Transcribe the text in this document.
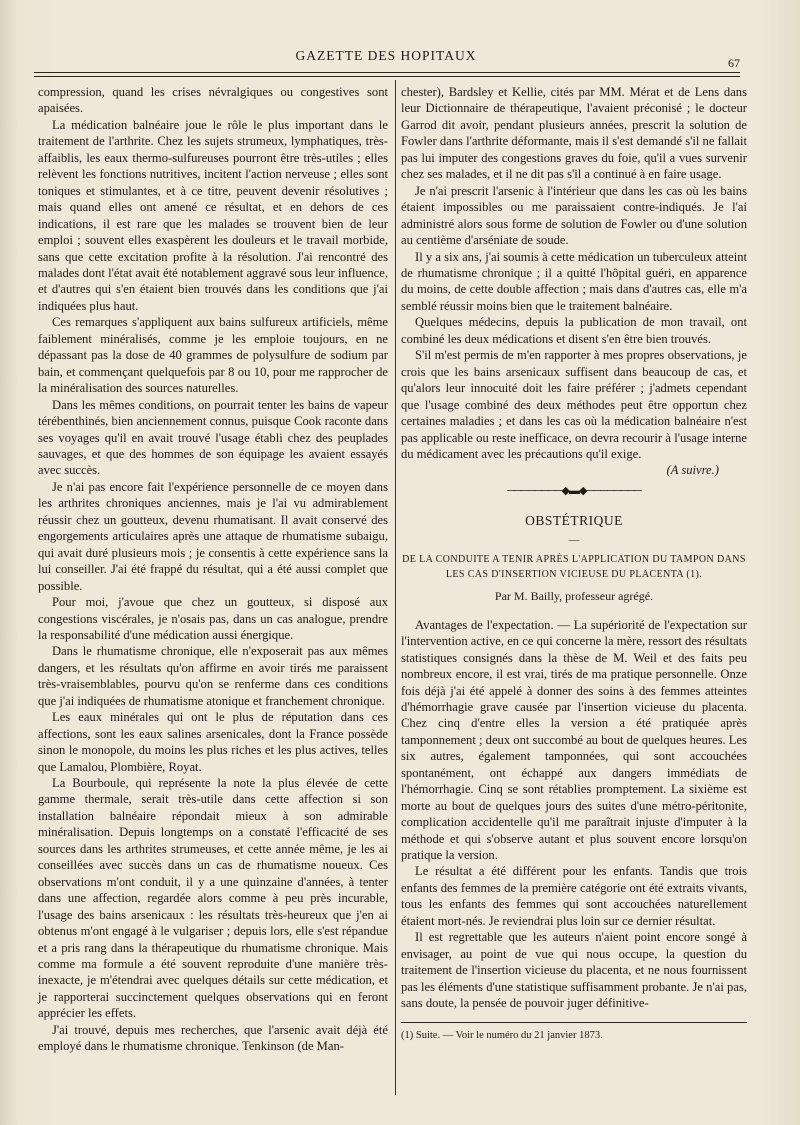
GAZETTE DES HOPITAUX	67

compression, quand les crises névralgiques ou congestives sont apaisées.

La médication balnéaire joue le rôle le plus important dans le traitement de l'arthrite. Chez les sujets strumeux, lymphatiques, très-affaiblis, les eaux thermo-sulfureuses pourront être très-utiles ; elles relèvent les fonctions nutritives, incitent l'action nerveuse ; elles sont toniques et stimulantes, et à ce titre, peuvent devenir résolutives ; mais quand elles ont amené ce résultat, et en dehors de ces indications, il est rare que les malades se trouvent bien de leur emploi ; souvent elles exaspèrent les douleurs et le travail morbide, sans que cette excitation profite à la résolution. J'ai rencontré des malades dont l'état avait été notablement aggravé sous leur influence, et d'autres qui s'en étaient bien trouvés dans les conditions que j'ai indiquées plus haut.

Ces remarques s'appliquent aux bains sulfureux artificiels, même faiblement minéralisés, comme je les emploie toujours, en ne dépassant pas la dose de 40 grammes de polysulfure de sodium par bain, et commençant quelquefois par 8 ou 10, pour me rapprocher de la minéralisation des sources naturelles.

Dans les mêmes conditions, on pourrait tenter les bains de vapeur térébenthinés, bien anciennement connus, puisque Cook raconte dans ses voyages qu'il en avait trouvé l'usage établi chez des peuplades sauvages, et que des hommes de son équipage les avaient essayés avec succès.

Je n'ai pas encore fait l'expérience personnelle de ce moyen dans les arthrites chroniques anciennes, mais je l'ai vu admirablement réussir chez un goutteux, devenu rhumatisant. Il avait conservé des engorgements articulaires après une attaque de rhumatisme subaigu, qui avait duré plusieurs mois ; je consentis à cette expérience sans la lui conseiller. J'ai été frappé du résultat, qui a été aussi complet que possible.

Pour moi, j'avoue que chez un goutteux, si disposé aux congestions viscérales, je n'osais pas, dans un cas analogue, prendre la responsabilité d'une médication aussi énergique.

Dans le rhumatisme chronique, elle n'exposerait pas aux mêmes dangers, et les résultats qu'on affirme en avoir tirés me paraissent très-vraisemblables, pourvu qu'on se renferme dans ces conditions que j'ai indiquées de rhumatisme atonique et franchement chronique.

Les eaux minérales qui ont le plus de réputation dans ces affections, sont les eaux salines arsenicales, dont la France possède sinon le monopole, du moins les plus riches et les plus actives, telles que Lamalou, Plombière, Royat.

La Bourboule, qui représente la note la plus élevée de cette gamme thermale, serait très-utile dans cette affection si son installation balnéaire répondait mieux à son admirable minéralisation. Depuis longtemps on a constaté l'efficacité de ses sources dans les arthrites strumeuses, et cette année même, je les ai conseillées avec succès dans un cas de rhumatisme noueux. Ces observations m'ont conduit, il y a une quinzaine d'années, à tenter dans une affection, regardée alors comme à peu près incurable, l'usage des bains arsenicaux : les résultats très-heureux que j'en ai obtenus m'ont engagé à le vulgariser ; depuis lors, elle s'est répandue et a pris rang dans la thérapeutique du rhumatisme chronique. Mais comme ma formule a été souvent reproduite d'une manière très-inexacte, je m'étendrai avec quelques détails sur cette médication, et je rapporterai succinctement quelques observations qui en feront apprécier les effets.

J'ai trouvé, depuis mes recherches, que l'arsenic avait déjà été employé dans le rhumatisme chronique. Tenkinson (de Man-

chester), Bardsley et Kellie, cités par MM. Mérat et de Lens dans leur Dictionnaire de thérapeutique, l'avaient préconisé ; le docteur Garrod dit avoir, pendant plusieurs années, prescrit la solution de Fowler dans l'arthrite déformante, mais il s'est demandé s'il ne fallait pas lui imputer des congestions graves du foie, qu'il a vues survenir chez ses malades, et il ne dit pas s'il a continué à en faire usage.

Je n'ai prescrit l'arsenic à l'intérieur que dans les cas où les bains étaient impossibles ou me paraissaient contre-indiqués. Je l'ai administré alors sous forme de solution de Fowler ou d'une solution au centième d'arséniate de soude.

Il y a six ans, j'ai soumis à cette médication un tuberculeux atteint de rhumatisme chronique ; il a quitté l'hôpital guéri, en apparence du moins, de cette double affection ; mais dans d'autres cas, elle m'a semblé réussir moins bien que le traitement balnéaire.

Quelques médecins, depuis la publication de mon travail, ont combiné les deux médications et disent s'en être bien trouvés.

S'il m'est permis de m'en rapporter à mes propres observations, je crois que les bains arsenicaux suffisent dans beaucoup de cas, et qu'alors leur innocuité doit les faire préférer ; j'admets cependant que l'usage combiné des deux méthodes peut être opportun chez certaines maladies ; et dans les cas où la médication balnéaire n'est pas applicable ou reste inefficace, on devra recourir à l'usage interne du médicament avec les précautions qu'il exige.

(A suivre.)

────────◆▬◆────────
OBSTÉTRIQUE
—
DE LA CONDUITE A TENIR APRÈS L'APPLICATION DU TAMPON DANS LES CAS D'INSERTION VICIEUSE DU PLACENTA (1).
Par M. Bailly, professeur agrégé.

Avantages de l'expectation. — La supériorité de l'expectation sur l'intervention active, en ce qui concerne la mère, ressort des résultats statistiques consignés dans la thèse de M. Weil et des faits peu nombreux encore, il est vrai, tirés de ma pratique personnelle. Onze fois déjà j'ai été appelé à donner des soins à des femmes atteintes d'hémorrhagie grave causée par l'insertion vicieuse du placenta. Chez cinq d'entre elles la version a été pratiquée après tamponnement ; deux ont succombé au bout de quelques heures. Les six autres, également tamponnées, qui sont accouchées spontanément, ont échappé aux dangers immédiats de l'hémorrhagie. Cinq se sont rétablies promptement. La sixième est morte au bout de quelques jours des suites d'une métro-péritonite, complication accidentelle qu'il me paraîtrait injuste d'imputer à la méthode et qui s'observe autant et plus souvent encore lorsqu'on pratique la version.

Le résultat a été différent pour les enfants. Tandis que trois enfants des femmes de la première catégorie ont été extraits vivants, tous les enfants des femmes qui sont accouchées naturellement étaient mort-nés. Je reviendrai plus loin sur ce dernier résultat.

Il est regrettable que les auteurs n'aient point encore songé à envisager, au point de vue qui nous occupe, la question du traitement de l'insertion vicieuse du placenta, et ne nous fournissent pas les éléments d'une statistique suffisamment probante. Je n'ai pas, sans doute, la pensée de pouvoir juger définitive-

(1) Suite. — Voir le numéro du 21 janvier 1873.
